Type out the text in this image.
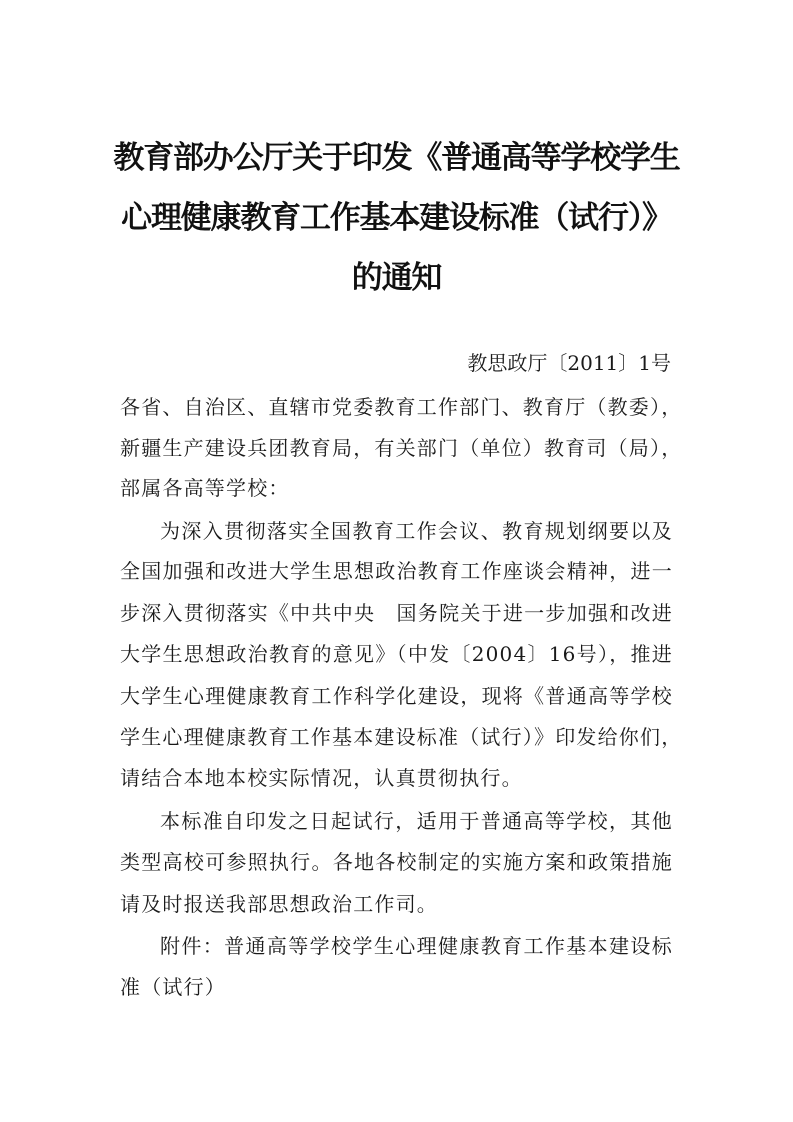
教育部办公厅关于印发《普通高等学校学生
心理健康教育工作基本建设标准（试行）》
的通知
教思政厅〔2011〕1号
各省、自治区、直辖市党委教育工作部门、教育厅（教委），
新疆生产建设兵团教育局，有关部门（单位）教育司（局），
部属各高等学校：
为深入贯彻落实全国教育工作会议、教育规划纲要以及
全国加强和改进大学生思想政治教育工作座谈会精神，进一
步深入贯彻落实《中共中央　国务院关于进一步加强和改进
大学生思想政治教育的意见》（中发〔2004〕16号），推进
大学生心理健康教育工作科学化建设，现将《普通高等学校
学生心理健康教育工作基本建设标准（试行）》印发给你们，
请结合本地本校实际情况，认真贯彻执行。
本标准自印发之日起试行，适用于普通高等学校，其他
类型高校可参照执行。各地各校制定的实施方案和政策措施
请及时报送我部思想政治工作司。
附件：普通高等学校学生心理健康教育工作基本建设标
准（试行）
